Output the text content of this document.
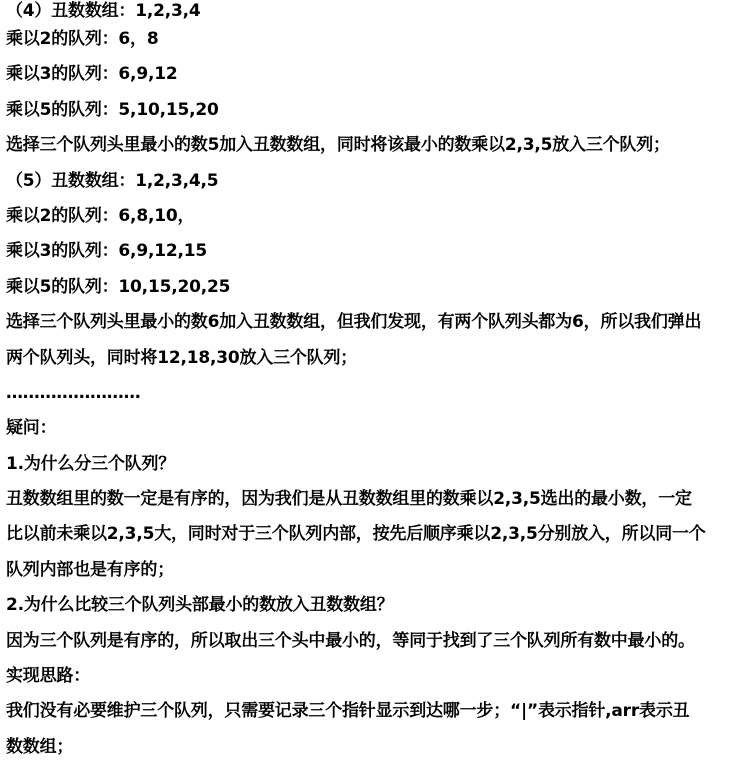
（4）丑数数组：1,2,3,4
乘以2的队列：6，8
乘以3的队列：6,9,12
乘以5的队列：5,10,15,20
选择三个队列头里最小的数5加入丑数数组，同时将该最小的数乘以2,3,5放入三个队列；
（5）丑数数组：1,2,3,4,5
乘以2的队列：6,8,10，
乘以3的队列：6,9,12,15
乘以5的队列：10,15,20,25
选择三个队列头里最小的数6加入丑数数组，但我们发现，有两个队列头都为6，所以我们弹出
两个队列头，同时将12,18,30放入三个队列；
……………………
疑问：
1.为什么分三个队列？
丑数数组里的数一定是有序的，因为我们是从丑数数组里的数乘以2,3,5选出的最小数，一定
比以前未乘以2,3,5大，同时对于三个队列内部，按先后顺序乘以2,3,5分别放入，所以同一个
队列内部也是有序的；
2.为什么比较三个队列头部最小的数放入丑数数组？
因为三个队列是有序的，所以取出三个头中最小的，等同于找到了三个队列所有数中最小的。
实现思路：
我们没有必要维护三个队列，只需要记录三个指针显示到达哪一步；“|”表示指针,arr表示丑
数数组；
